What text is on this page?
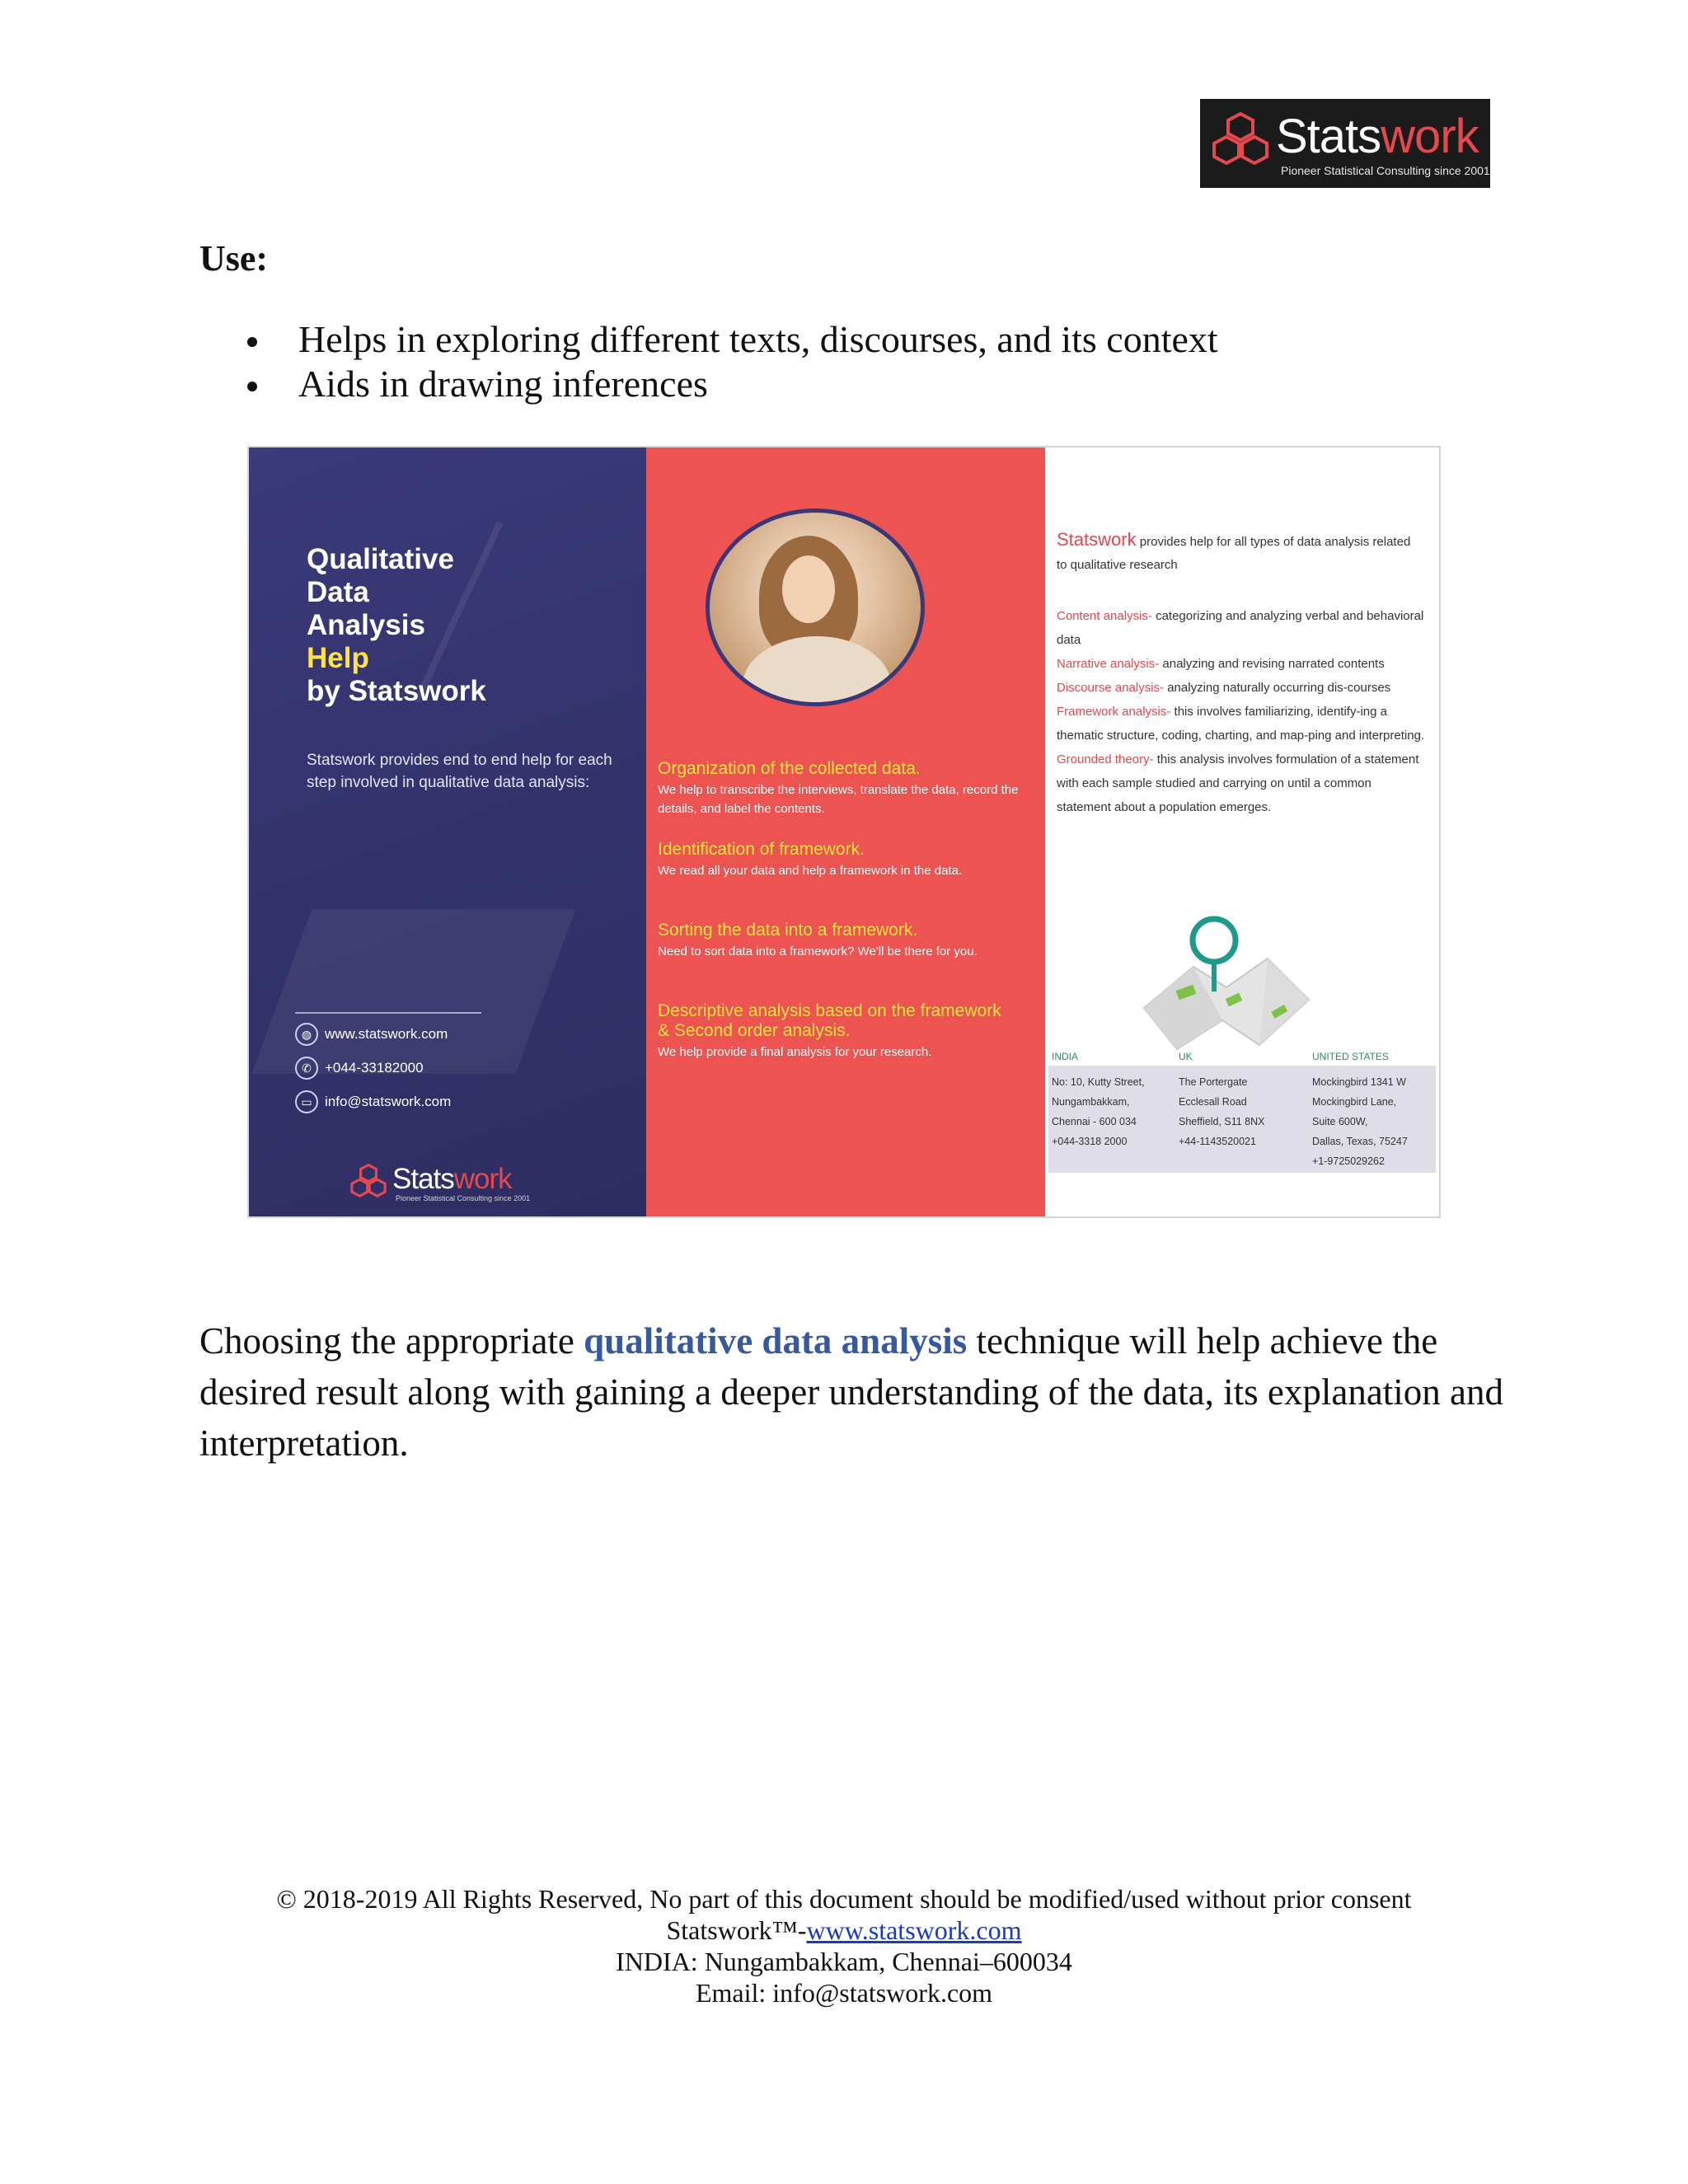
Statswork
Pioneer Statistical Consulting since 2001
Use:
Helps in exploring different texts, discourses, and its context
Aids in drawing inferences
Qualitative
Data
Analysis
Help
by Statswork
Statswork provides end to end help for each step involved in qualitative data analysis:
◍ www.statswork.com
✆ +044-33182000
▭ info@statswork.com
Statswork
Pioneer Statistical Consulting since 2001
Organization of the collected data.
We help to transcribe the interviews, translate the data, record the details, and label the contents.
Identification of framework.
We read all your data and help a framework in the data.
Sorting the data into a framework.
Need to sort data into a framework? We'll be there for you.
Descriptive analysis based on the framework & Second order analysis.
We help provide a final analysis for your research.
Statswork provides help for all types of data analysis related to qualitative research
Content analysis- categorizing and analyzing verbal and behavioral data
Narrative analysis- analyzing and revising narrated contents
Discourse analysis- analyzing naturally occurring dis-courses
Framework analysis- this involves familiarizing, identify-ing a thematic structure, coding, charting, and map-ping and interpreting.
Grounded theory- this analysis involves formulation of a statement with each sample studied and carrying on until a common statement about a population emerges.
INDIA
No: 10, Kutty Street,
Nungambakkam,
Chennai - 600 034
+044-3318 2000
UK
The Portergate
Ecclesall Road
Sheffield, S11 8NX
+44-1143520021
UNITED STATES
Mockingbird 1341 W
Mockingbird Lane,
Suite 600W,
Dallas, Texas, 75247
+1-9725029262
Choosing the appropriate qualitative data analysis technique will help achieve the desired result along with gaining a deeper understanding of the data, its explanation and interpretation.
© 2018-2019 All Rights Reserved, No part of this document should be modified/used without prior consent
Statswork™-www.statswork.com
INDIA: Nungambakkam, Chennai–600034
Email: info@statswork.com
